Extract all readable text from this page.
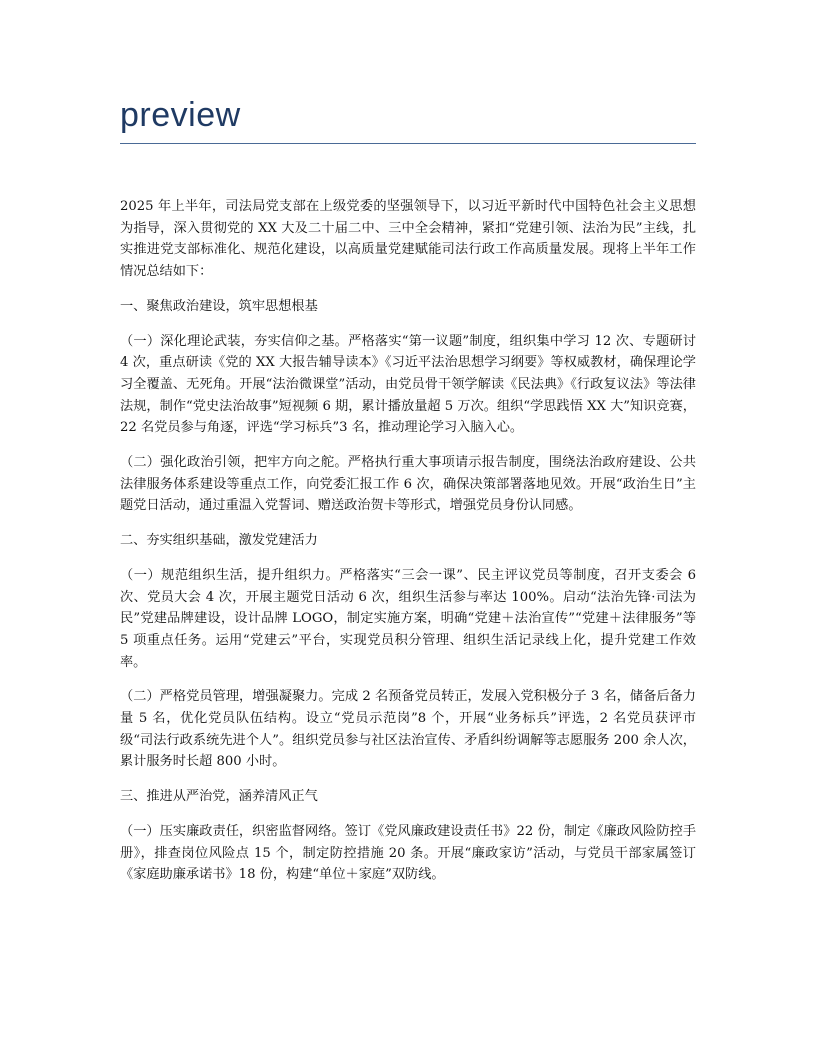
preview

2025 年上半年，司法局党支部在上级党委的坚强领导下，以习近平新时代中国特色社会主义思想为指导，深入贯彻党的 XX 大及二十届二中、三中全会精神，紧扣“党建引领、法治为民”主线，扎实推进党支部标准化、规范化建设，以高质量党建赋能司法行政工作高质量发展。现将上半年工作情况总结如下：

一、聚焦政治建设，筑牢思想根基

（一）深化理论武装，夯实信仰之基。严格落实“第一议题”制度，组织集中学习 12 次、专题研讨 4 次，重点研读《党的 XX 大报告辅导读本》《习近平法治思想学习纲要》等权威教材，确保理论学习全覆盖、无死角。开展“法治微课堂”活动，由党员骨干领学解读《民法典》《行政复议法》等法律法规，制作“党史法治故事”短视频 6 期，累计播放量超 5 万次。组织“学思践悟 XX 大”知识竞赛，22 名党员参与角逐，评选“学习标兵”3 名，推动理论学习入脑入心。

（二）强化政治引领，把牢方向之舵。严格执行重大事项请示报告制度，围绕法治政府建设、公共法律服务体系建设等重点工作，向党委汇报工作 6 次，确保决策部署落地见效。开展“政治生日”主题党日活动，通过重温入党誓词、赠送政治贺卡等形式，增强党员身份认同感。

二、夯实组织基础，激发党建活力

（一）规范组织生活，提升组织力。严格落实“三会一课”、民主评议党员等制度，召开支委会 6 次、党员大会 4 次，开展主题党日活动 6 次，组织生活参与率达 100%。启动“法治先锋·司法为民”党建品牌建设，设计品牌 LOGO，制定实施方案，明确“党建＋法治宣传”“党建＋法律服务”等 5 项重点任务。运用“党建云”平台，实现党员积分管理、组织生活记录线上化，提升党建工作效率。

（二）严格党员管理，增强凝聚力。完成 2 名预备党员转正，发展入党积极分子 3 名，储备后备力量 5 名，优化党员队伍结构。设立“党员示范岗”8 个，开展“业务标兵”评选，2 名党员获评市级“司法行政系统先进个人”。组织党员参与社区法治宣传、矛盾纠纷调解等志愿服务 200 余人次，累计服务时长超 800 小时。

三、推进从严治党，涵养清风正气

（一）压实廉政责任，织密监督网络。签订《党风廉政建设责任书》22 份，制定《廉政风险防控手册》，排查岗位风险点 15 个，制定防控措施 20 条。开展“廉政家访”活动，与党员干部家属签订《家庭助廉承诺书》18 份，构建“单位＋家庭”双防线。
